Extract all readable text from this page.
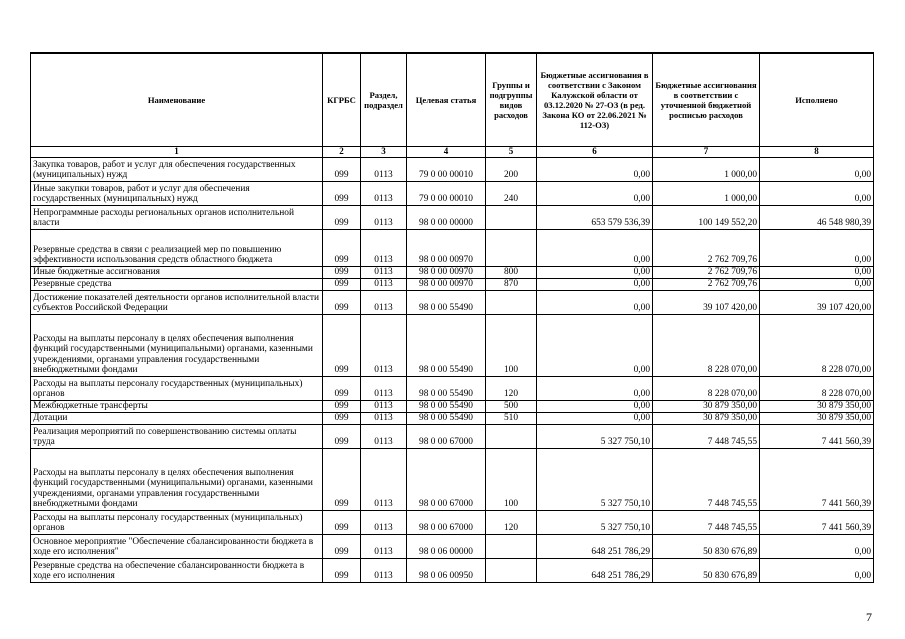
Наименование	КГРБС	Раздел, подраздел	Целевая статья	Группы и подгруппы видов расходов	Бюджетные ассигнования в соответствии с Законом Калужской области от 03.12.2020 № 27-ОЗ (в ред. Закона КО от 22.06.2021 № 112-ОЗ)	Бюджетные ассигнования в соответствии с уточненной бюджетной росписью расходов	Исполнено
1	2	3	4	5	6	7	8
Закупка товаров, работ и услуг для обеспечения государственных (муниципальных) нужд	099	0113	79 0 00 00010	200	0,00	1 000,00	0,00
Иные закупки товаров, работ и услуг для обеспечения государственных (муниципальных) нужд	099	0113	79 0 00 00010	240	0,00	1 000,00	0,00
Непрограммные расходы региональных органов исполнительной власти	099	0113	98 0 00 00000		653 579 536,39	100 149 552,20	46 548 980,39
Резервные средства в связи с реализацией мер по повышению эффективности использования средств областного бюджета	099	0113	98 0 00 00970		0,00	2 762 709,76	0,00
Иные бюджетные ассигнования	099	0113	98 0 00 00970	800	0,00	2 762 709,76	0,00
Резервные средства	099	0113	98 0 00 00970	870	0,00	2 762 709,76	0,00
Достижение показателей деятельности органов исполнительной власти субъектов Российской Федерации	099	0113	98 0 00 55490		0,00	39 107 420,00	39 107 420,00
Расходы на выплаты персоналу в целях обеспечения выполнения функций государственными (муниципальными) органами, казенными учреждениями, органами управления государственными внебюджетными фондами	099	0113	98 0 00 55490	100	0,00	8 228 070,00	8 228 070,00
Расходы на выплаты персоналу государственных (муниципальных) органов	099	0113	98 0 00 55490	120	0,00	8 228 070,00	8 228 070,00
Межбюджетные трансферты	099	0113	98 0 00 55490	500	0,00	30 879 350,00	30 879 350,00
Дотации	099	0113	98 0 00 55490	510	0,00	30 879 350,00	30 879 350,00
Реализация мероприятий по совершенствованию системы оплаты труда	099	0113	98 0 00 67000		5 327 750,10	7 448 745,55	7 441 560,39
Расходы на выплаты персоналу в целях обеспечения выполнения функций государственными (муниципальными) органами, казенными учреждениями, органами управления государственными внебюджетными фондами	099	0113	98 0 00 67000	100	5 327 750,10	7 448 745,55	7 441 560,39
Расходы на выплаты персоналу государственных (муниципальных) органов	099	0113	98 0 00 67000	120	5 327 750,10	7 448 745,55	7 441 560,39
Основное мероприятие "Обеспечение сбалансированности бюджета в ходе его исполнения"	099	0113	98 0 06 00000		648 251 786,29	50 830 676,89	0,00
Резервные средства на обеспечение сбалансированности бюджета в ходе его исполнения	099	0113	98 0 06 00950		648 251 786,29	50 830 676,89	0,00
7
